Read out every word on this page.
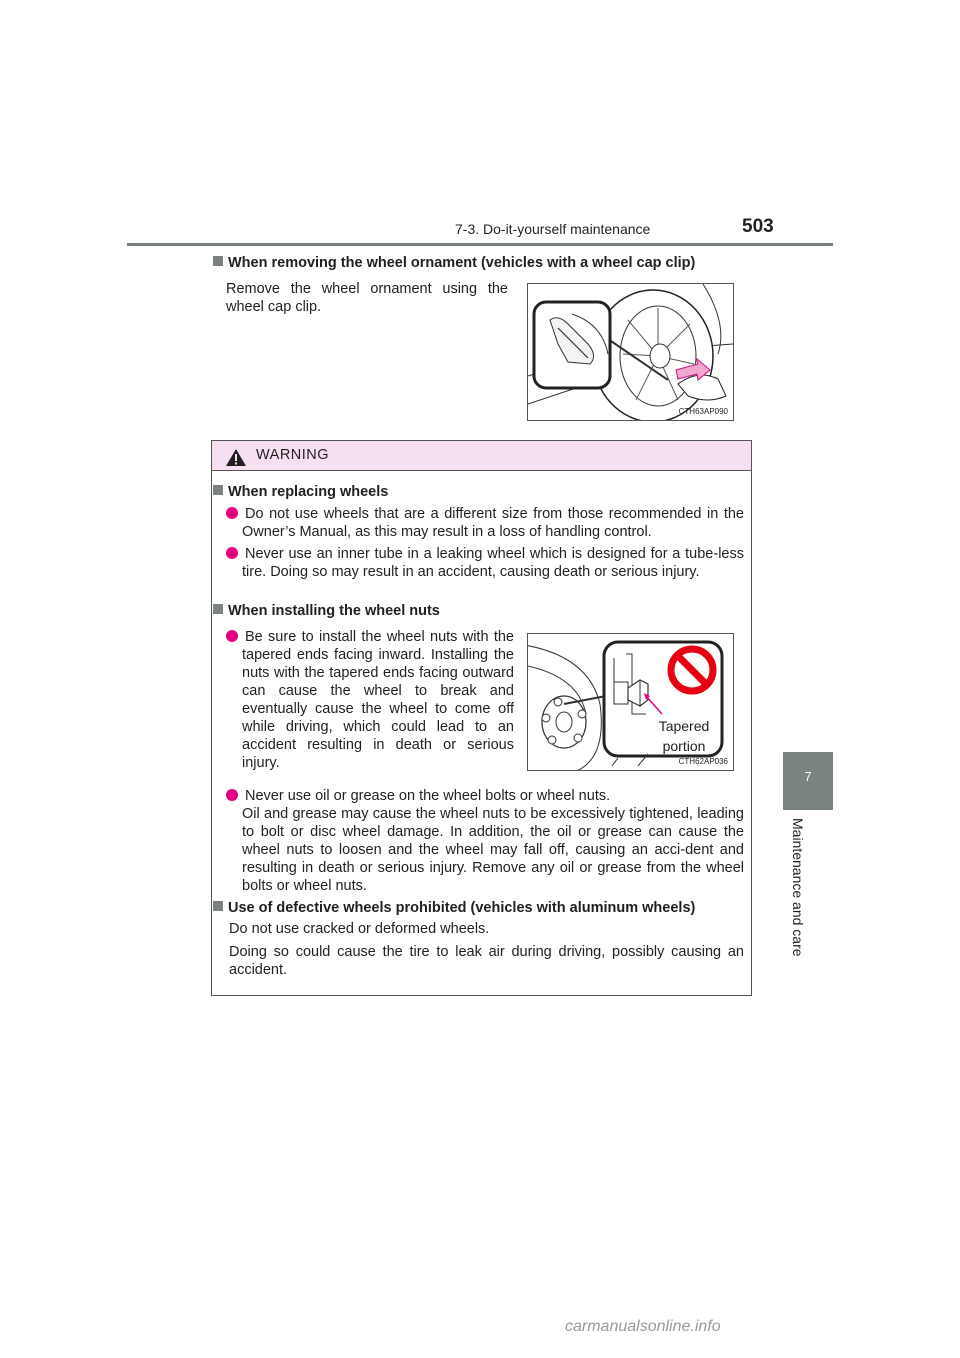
7-3. Do-it-yourself maintenance	503
7
Maintenance and care
When removing the wheel ornament (vehicles with a wheel cap clip)
Remove the wheel ornament using the wheel cap clip.
CTH63AP090
WARNING
When replacing wheels
Do not use wheels that are a different size from those recommended in the Owner’s Manual, as this may result in a loss of handling control.
Never use an inner tube in a leaking wheel which is designed for a tube-less tire. Doing so may result in an accident, causing death or serious injury.
When installing the wheel nuts
Be sure to install the wheel nuts with the tapered ends facing inward. Installing the nuts with the tapered ends facing outward can cause the wheel to break and eventually cause the wheel to come off while driving, which could lead to an accident resulting in death or serious injury.
Tapered portion
CTH62AP036
Never use oil or grease on the wheel bolts or wheel nuts.
Oil and grease may cause the wheel nuts to be excessively tightened, leading to bolt or disc wheel damage. In addition, the oil or grease can cause the wheel nuts to loosen and the wheel may fall off, causing an acci-dent and resulting in death or serious injury. Remove any oil or grease from the wheel bolts or wheel nuts.
Use of defective wheels prohibited (vehicles with aluminum wheels)
Do not use cracked or deformed wheels.
Doing so could cause the tire to leak air during driving, possibly causing an accident.
carmanualsonline.info
